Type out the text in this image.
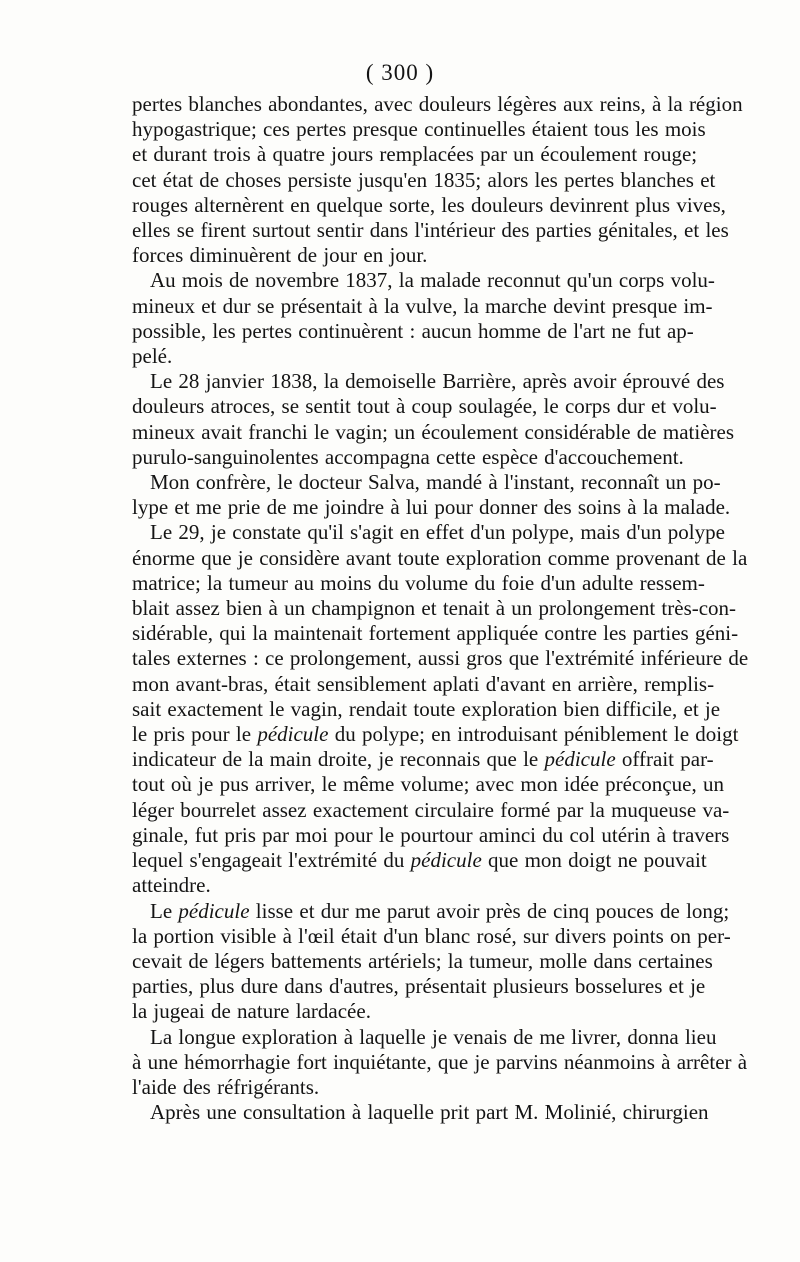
( 300 )

pertes blanches abondantes, avec douleurs légères aux reins, à la région
hypogastrique; ces pertes presque continuelles étaient tous les mois
et durant trois à quatre jours remplacées par un écoulement rouge;
cet état de choses persiste jusqu'en 1835; alors les pertes blanches et
rouges alternèrent en quelque sorte, les douleurs devinrent plus vives,
elles se firent surtout sentir dans l'intérieur des parties génitales, et les
forces diminuèrent de jour en jour.

Au mois de novembre 1837, la malade reconnut qu'un corps volu-
mineux et dur se présentait à la vulve, la marche devint presque im-
possible, les pertes continuèrent : aucun homme de l'art ne fut ap-
pelé.

Le 28 janvier 1838, la demoiselle Barrière, après avoir éprouvé des
douleurs atroces, se sentit tout à coup soulagée, le corps dur et volu-
mineux avait franchi le vagin; un écoulement considérable de matières
purulo-sanguinolentes accompagna cette espèce d'accouchement.

Mon confrère, le docteur Salva, mandé à l'instant, reconnaît un po-
lype et me prie de me joindre à lui pour donner des soins à la malade.

Le 29, je constate qu'il s'agit en effet d'un polype, mais d'un polype
énorme que je considère avant toute exploration comme provenant de la
matrice; la tumeur au moins du volume du foie d'un adulte ressem-
blait assez bien à un champignon et tenait à un prolongement très-con-
sidérable, qui la maintenait fortement appliquée contre les parties géni-
tales externes : ce prolongement, aussi gros que l'extrémité inférieure de
mon avant-bras, était sensiblement aplati d'avant en arrière, remplis-
sait exactement le vagin, rendait toute exploration bien difficile, et je
le pris pour le pédicule du polype; en introduisant péniblement le doigt
indicateur de la main droite, je reconnais que le pédicule offrait par-
tout où je pus arriver, le même volume; avec mon idée préconçue, un
léger bourrelet assez exactement circulaire formé par la muqueuse va-
ginale, fut pris par moi pour le pourtour aminci du col utérin à travers
lequel s'engageait l'extrémité du pédicule que mon doigt ne pouvait
atteindre.

Le pédicule lisse et dur me parut avoir près de cinq pouces de long;
la portion visible à l'œil était d'un blanc rosé, sur divers points on per-
cevait de légers battements artériels; la tumeur, molle dans certaines
parties, plus dure dans d'autres, présentait plusieurs bosselures et je
la jugeai de nature lardacée.

La longue exploration à laquelle je venais de me livrer, donna lieu
à une hémorrhagie fort inquiétante, que je parvins néanmoins à arrêter à
l'aide des réfrigérants.

Après une consultation à laquelle prit part M. Molinié, chirurgien
